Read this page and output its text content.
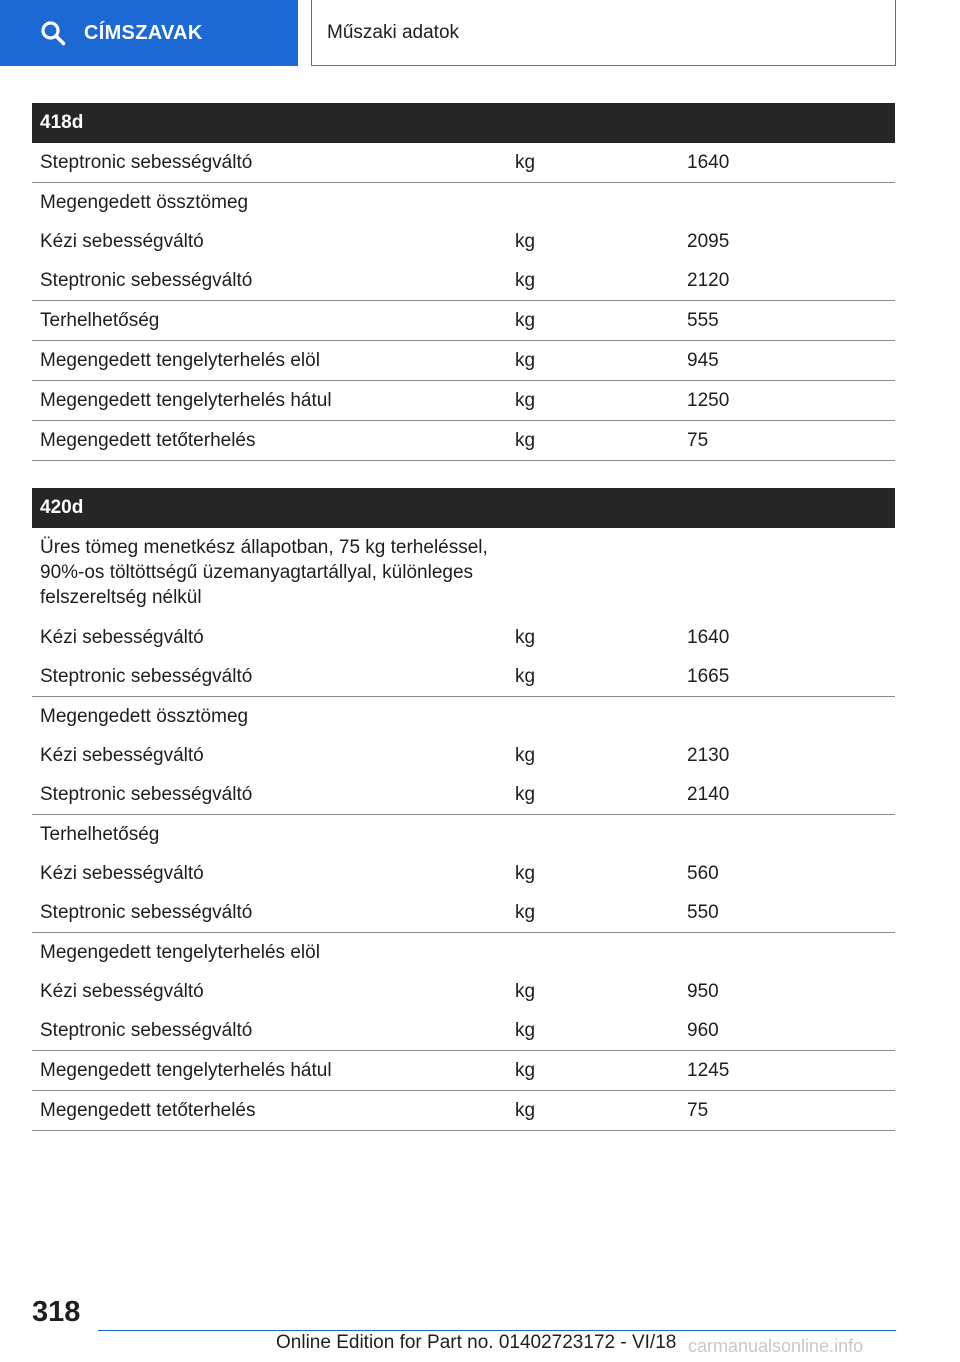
CÍMSZAVAK	Műszaki adatok
418d		
Steptronic sebességváltó	kg	1640
Megengedett össztömeg		
Kézi sebességváltó	kg	2095
Steptronic sebességváltó	kg	2120
Terhelhetőség	kg	555
Megengedett tengelyterhelés elöl	kg	945
Megengedett tengelyterhelés hátul	kg	1250
Megengedett tetőterhelés	kg	75
420d		
Üres tömeg menetkész állapotban, 75 kg terheléssel, 90%-os töltöttségű üzemanyagtartállyal, különleges felszereltség nélkül		
Kézi sebességváltó	kg	1640
Steptronic sebességváltó	kg	1665
Megengedett össztömeg		
Kézi sebességváltó	kg	2130
Steptronic sebességváltó	kg	2140
Terhelhetőség		
Kézi sebességváltó	kg	560
Steptronic sebességváltó	kg	550
Megengedett tengelyterhelés elöl		
Kézi sebességváltó	kg	950
Steptronic sebességváltó	kg	960
Megengedett tengelyterhelés hátul	kg	1245
Megengedett tetőterhelés	kg	75
318
Online Edition for Part no. 01402723172 - VI/18 carmanualsonline.info
